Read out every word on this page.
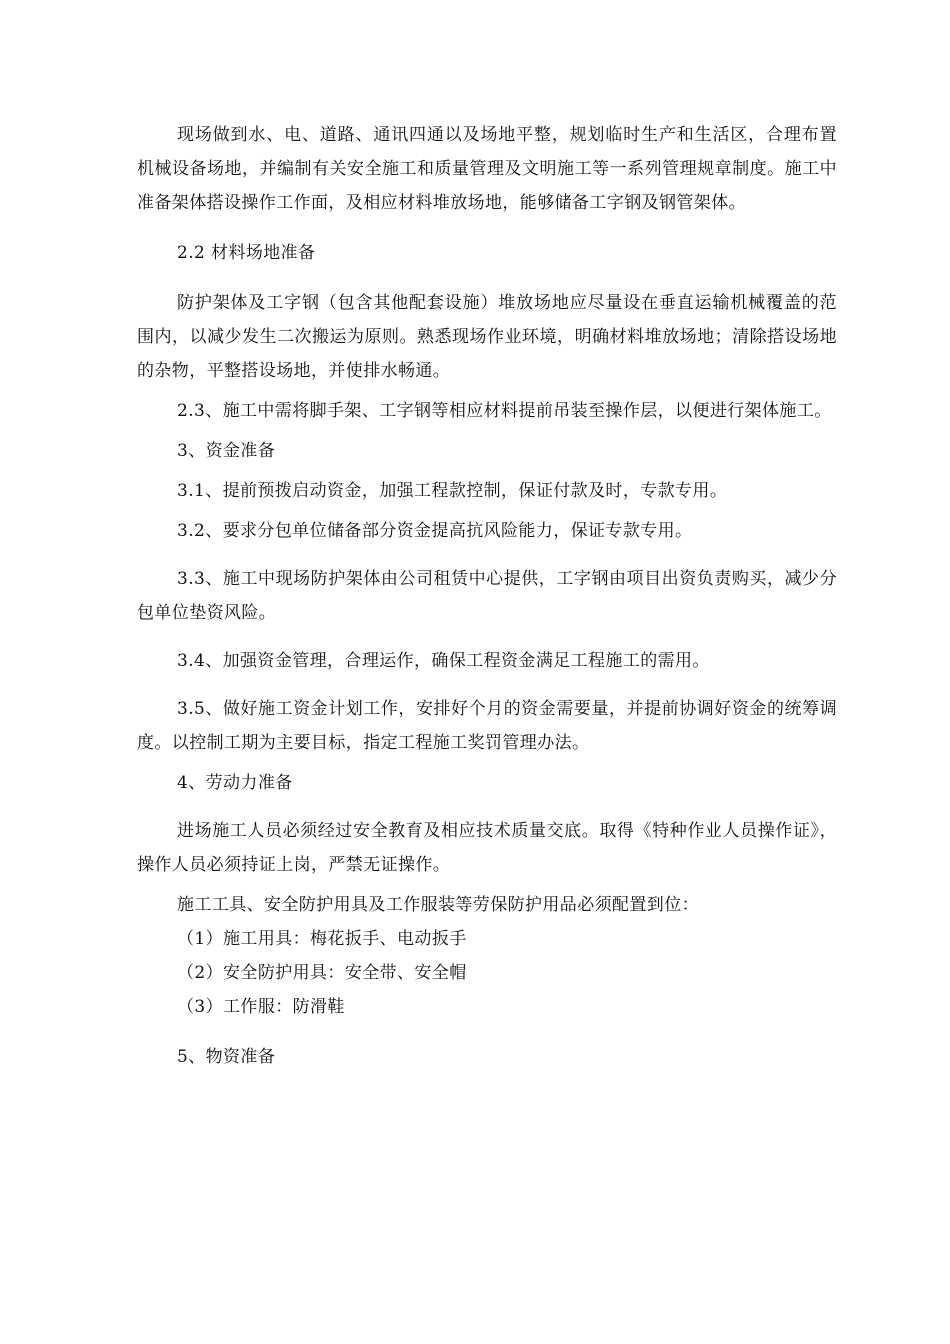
现场做到水、电、道路、通讯四通以及场地平整，规划临时生产和生活区，合理布置机械设备场地，并编制有关安全施工和质量管理及文明施工等一系列管理规章制度。施工中准备架体搭设操作工作面，及相应材料堆放场地，能够储备工字钢及钢管架体。

2.2 材料场地准备

防护架体及工字钢（包含其他配套设施）堆放场地应尽量设在垂直运输机械覆盖的范围内，以减少发生二次搬运为原则。熟悉现场作业环境，明确材料堆放场地；清除搭设场地的杂物，平整搭设场地，并使排水畅通。

2.3、施工中需将脚手架、工字钢等相应材料提前吊装至操作层，以便进行架体施工。

3、资金准备

3.1、提前预拨启动资金，加强工程款控制，保证付款及时，专款专用。

3.2、要求分包单位储备部分资金提高抗风险能力，保证专款专用。

3.3、施工中现场防护架体由公司租赁中心提供，工字钢由项目出资负责购买，减少分包单位垫资风险。

3.4、加强资金管理，合理运作，确保工程资金满足工程施工的需用。

3.5、做好施工资金计划工作，安排好个月的资金需要量，并提前协调好资金的统筹调度。以控制工期为主要目标，指定工程施工奖罚管理办法。

4、劳动力准备

进场施工人员必须经过安全教育及相应技术质量交底。取得《特种作业人员操作证》，操作人员必须持证上岗，严禁无证操作。

施工工具、安全防护用具及工作服装等劳保防护用品必须配置到位：

（1）施工用具：梅花扳手、电动扳手

（2）安全防护用具：安全带、安全帽

（3）工作服：防滑鞋

5、物资准备
